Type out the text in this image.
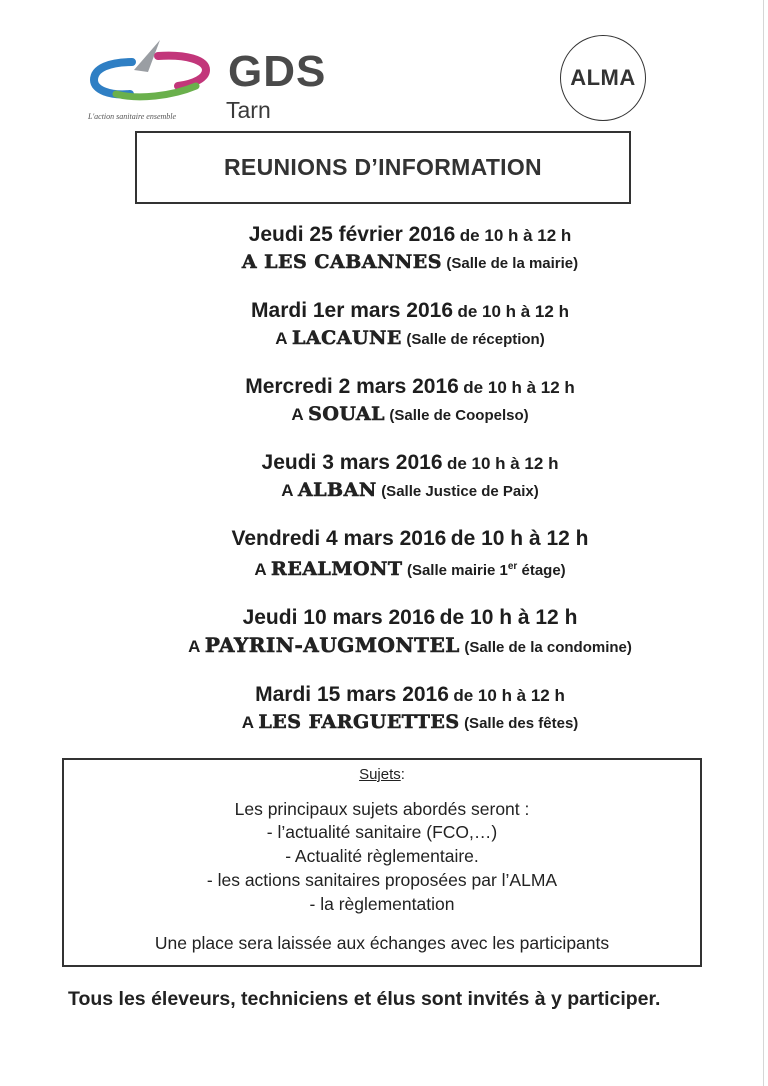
GDS
Tarn
L'action sanitaire ensemble
ALMA
REUNIONS D’INFORMATION
Jeudi 25 février 2016 de 10 h à 12 h
A LES CABANNES (Salle de la mairie)
Mardi 1er mars 2016 de 10 h à 12 h
A LACAUNE (Salle de réception)
Mercredi 2 mars 2016 de 10 h à 12 h
A SOUAL (Salle de Coopelso)
Jeudi 3 mars 2016 de 10 h à 12 h
A ALBAN (Salle Justice de Paix)
Vendredi 4 mars 2016 de 10 h à 12 h
A REALMONT (Salle mairie 1er étage)
Jeudi 10 mars 2016 de 10 h à 12 h
A PAYRIN-AUGMONTEL (Salle de la condomine)
Mardi 15 mars 2016 de 10 h à 12 h
A LES FARGUETTES (Salle des fêtes)
Sujets:
Les principaux sujets abordés seront :
- l’actualité sanitaire (FCO,…)
- Actualité règlementaire.
- les actions sanitaires proposées par l’ALMA
- la règlementation
Une place sera laissée aux échanges avec les participants
Tous les éleveurs, techniciens et élus sont invités à y participer.
